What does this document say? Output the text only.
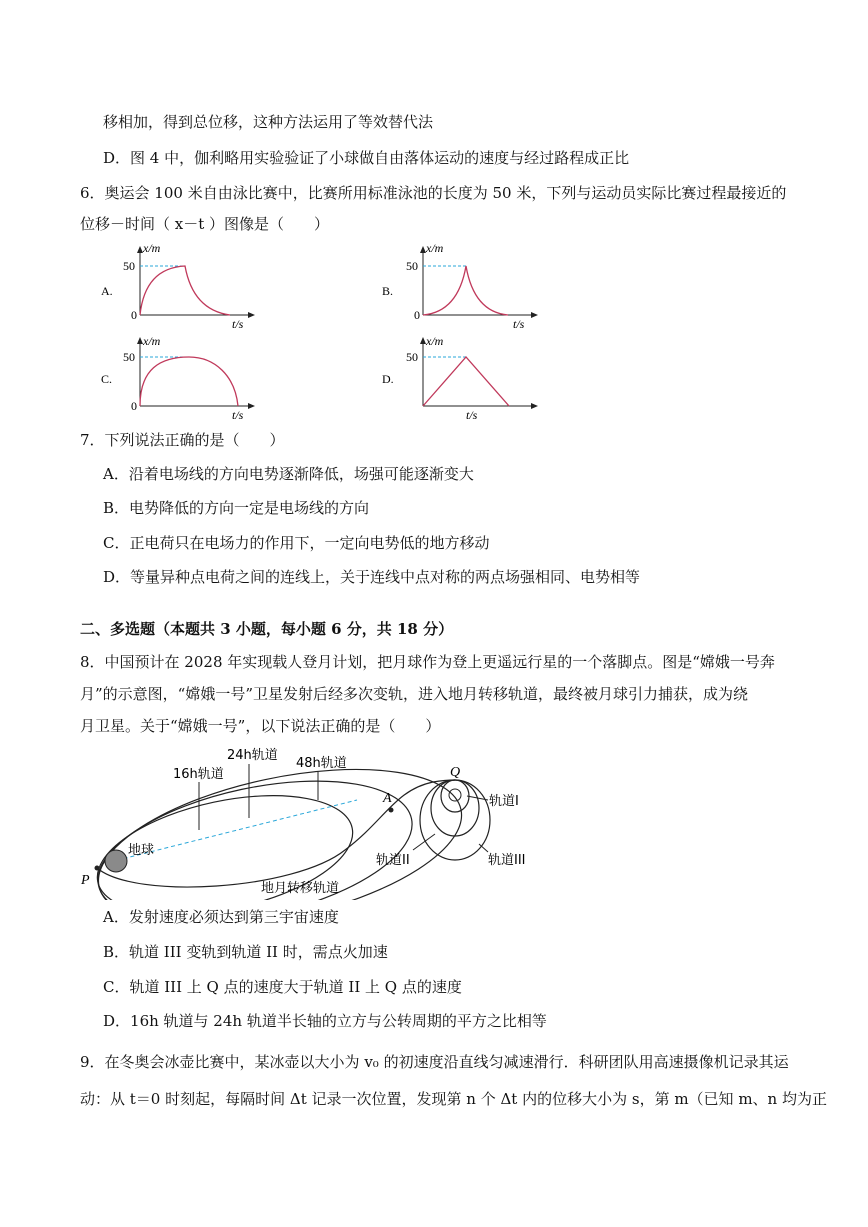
移相加，得到总位移，这种方法运用了等效替代法
D．图 4 中，伽利略用实验验证了小球做自由落体运动的速度与经过路程成正比
6．奥运会 100 米自由泳比赛中，比赛所用标准泳池的长度为 50 米，下列与运动员实际比赛过程最接近的
位移－时间（ x－t ）图像是（　　）
A.
x/m
50
0
t/s
B.
x/m
50
0
t/s
C.
x/m
50
0
t/s
D.
x/m
50
t/s
7．下列说法正确的是（　　）
A．沿着电场线的方向电势逐渐降低，场强可能逐渐变大
B．电势降低的方向一定是电场线的方向
C．正电荷只在电场力的作用下，一定向电势低的地方移动
D．等量异种点电荷之间的连线上，关于连线中点对称的两点场强相同、电势相等
二、多选题（本题共 3 小题，每小题 6 分，共 18 分）
8．中国预计在 2028 年实现载人登月计划，把月球作为登上更遥远行星的一个落脚点。图是“嫦娥一号奔
月”的示意图，“嫦娥一号”卫星发射后经多次变轨，进入地月转移轨道，最终被月球引力捕获，成为绕
月卫星。关于“嫦娥一号”，以下说法正确的是（　　）
地球
A
P
Q
16h轨道
24h轨道
48h轨道
轨道I
轨道II	轨道III
地月转移轨道
A．发射速度必须达到第三宇宙速度
B．轨道 III 变轨到轨道 II 时，需点火加速
C．轨道 III 上 Q 点的速度大于轨道 II 上 Q 点的速度
D．16h 轨道与 24h 轨道半长轴的立方与公转周期的平方之比相等
9．在冬奥会冰壶比赛中，某冰壶以大小为 v₀ 的初速度沿直线匀减速滑行．科研团队用高速摄像机记录其运
动：从 t＝0 时刻起，每隔时间 Δt 记录一次位置，发现第 n 个 Δt 内的位移大小为 s，第 m（已知 m、n 均为正
